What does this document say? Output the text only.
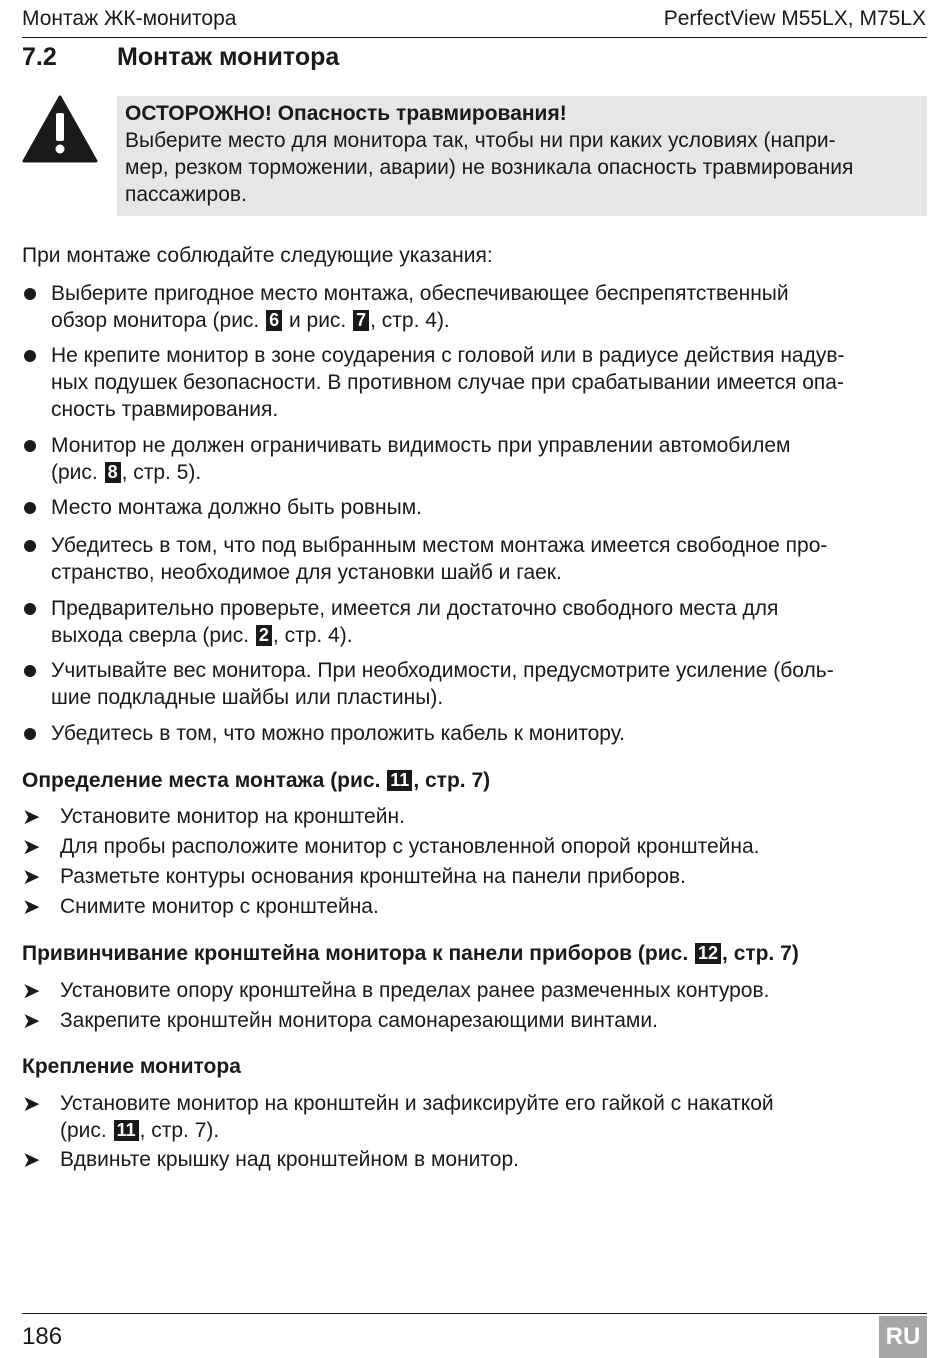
Монтаж ЖК-монитора	PerfectView M55LX, M75LX
7.2 Монтаж монитора
ОСТОРОЖНО! Опасность травмирования!
Выберите место для монитора так, чтобы ни при каких условиях (напри-
мер, резком торможении, аварии) не возникала опасность травмирования
пассажиров.
При монтаже соблюдайте следующие указания:
Выберите пригодное место монтажа, обеспечивающее беспрепятственный
обзор монитора (рис. 6 и рис. 7 , стр. 4).
Не крепите монитор в зоне соударения с головой или в радиусе действия надув-
ных подушек безопасности. В противном случае при срабатывании имеется опа-
сность травмирования.
Монитор не должен ограничивать видимость при управлении автомобилем
(рис. 8 , стр. 5).
Место монтажа должно быть ровным.
Убедитесь в том, что под выбранным местом монтажа имеется свободное про-
странство, необходимое для установки шайб и гаек.
Предварительно проверьте, имеется ли достаточно свободного места для
выхода сверла (рис. 2 , стр. 4).
Учитывайте вес монитора. При необходимости, предусмотрите усиление (боль-
шие подкладные шайбы или пластины).
Убедитесь в том, что можно проложить кабель к монитору.
Определение места монтажа (рис. 11 , стр. 7)
➤ Установите монитор на кронштейн.
➤ Для пробы расположите монитор с установленной опорой кронштейна.
➤ Разметьте контуры основания кронштейна на панели приборов.
➤ Снимите монитор с кронштейна.
Привинчивание кронштейна монитора к панели приборов (рис. 12 , стр. 7)
➤ Установите опору кронштейна в пределах ранее размеченных контуров.
➤ Закрепите кронштейн монитора самонарезающими винтами.
Крепление монитора
➤ Установите монитор на кронштейн и зафиксируйте его гайкой с накаткой
(рис. 11 , стр. 7).
➤ Вдвиньте крышку над кронштейном в монитор.
186	RU
